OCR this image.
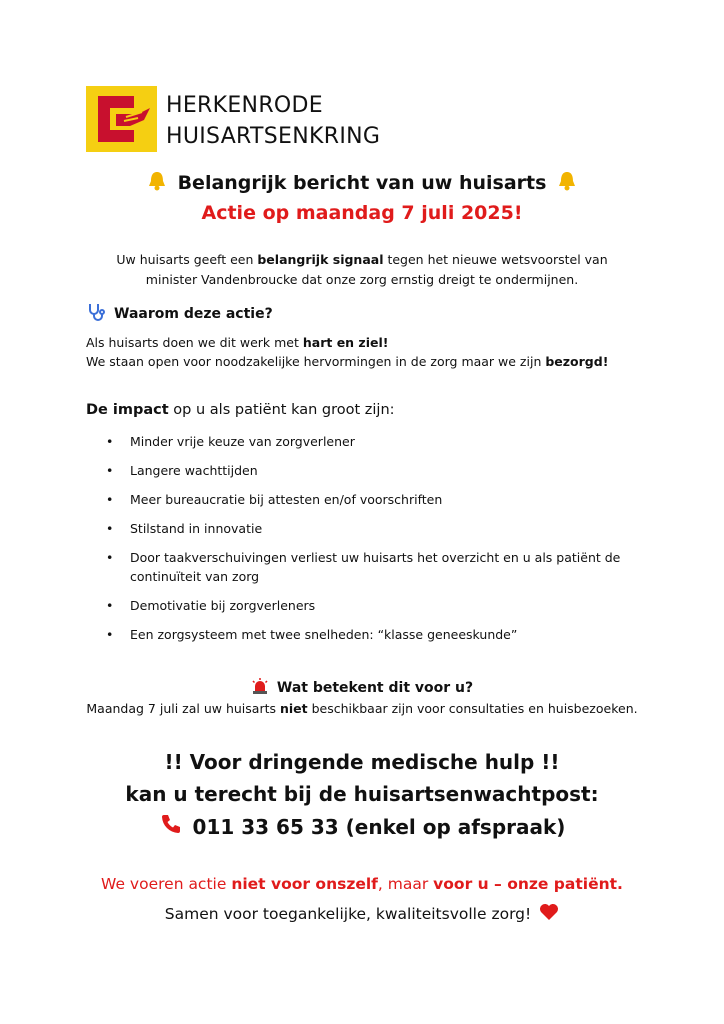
HERKENRODE
HUISARTSENKRING
Belangrijk bericht van uw huisarts
Actie op maandag 7 juli 2025!
Uw huisarts geeft een belangrijk signaal tegen het nieuwe wetsvoorstel van
minister Vandenbroucke dat onze zorg ernstig dreigt te ondermijnen.
Waarom deze actie?
Als huisarts doen we dit werk met hart en ziel!
We staan open voor noodzakelijke hervormingen in de zorg maar we zijn bezorgd!
De impact op u als patiënt kan groot zijn:
• Minder vrije keuze van zorgverlener
• Langere wachttijden
• Meer bureaucratie bij attesten en/of voorschriften
• Stilstand in innovatie
• Door taakverschuivingen verliest uw huisarts het overzicht en u als patiënt de continuïteit van zorg
• Demotivatie bij zorgverleners
• Een zorgsysteem met twee snelheden: “klasse geneeskunde”
Wat betekent dit voor u?
Maandag 7 juli zal uw huisarts niet beschikbaar zijn voor consultaties en huisbezoeken.
!! Voor dringende medische hulp !!
kan u terecht bij de huisartsenwachtpost:
011 33 65 33 (enkel op afspraak)
We voeren actie niet voor onszelf, maar voor u – onze patiënt.
Samen voor toegankelijke, kwaliteitsvolle zorg!
